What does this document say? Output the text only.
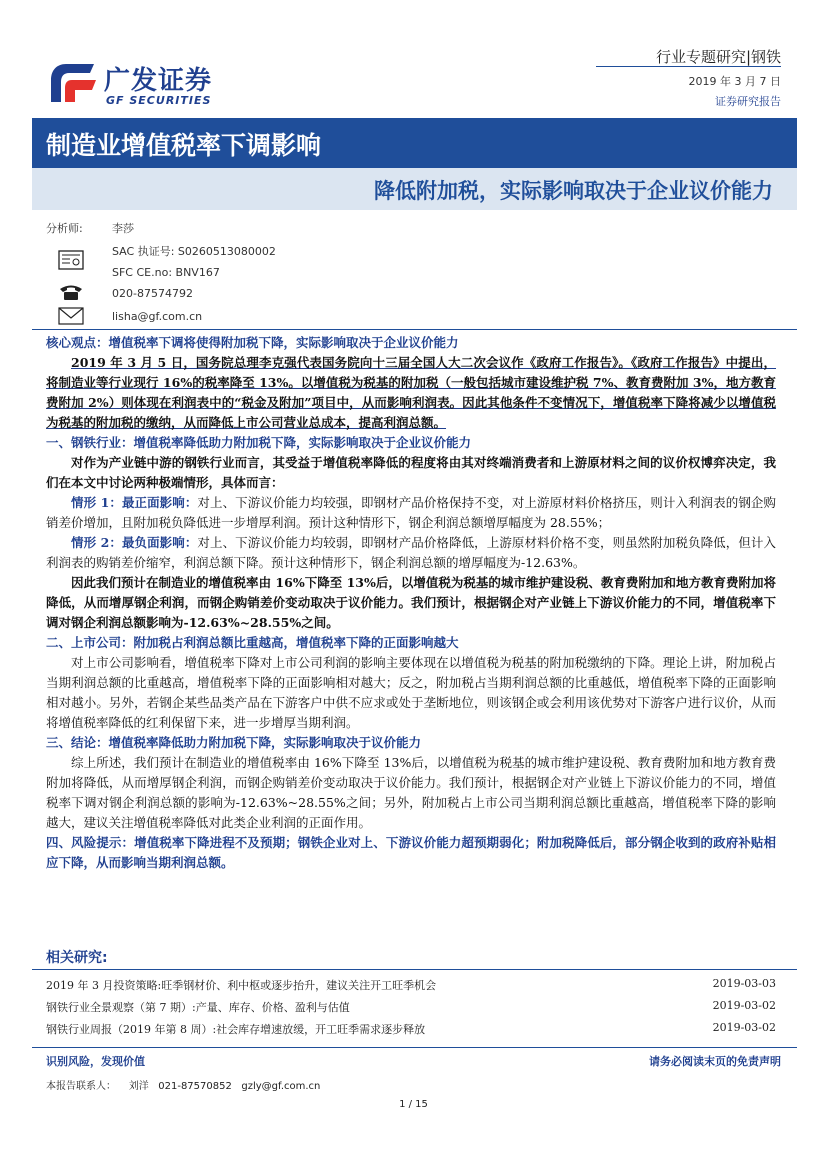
广发证券
GF SECURITIES
行业专题研究|钢铁
2019 年 3 月 7 日
证券研究报告
制造业增值税率下调影响
降低附加税，实际影响取决于企业议价能力
分析师:	李莎
SAC 执证号: S0260513080002
SFC CE.no: BNV167
020-87574792
lisha@gf.com.cn

核心观点：增值税率下调将使得附加税下降，实际影响取决于企业议价能力

2019 年 3 月 5 日，国务院总理李克强代表国务院向十三届全国人大二次会议作《政府工作报告》。《政府工作报告》中提出，将制造业等行业现行 16%的税率降至 13%。以增值税为税基的附加税（一般包括城市建设维护税 7%、教育费附加 3%，地方教育费附加 2%）则体现在利润表中的“税金及附加”项目中，从而影响利润表。因此其他条件不变情况下，增值税率下降将减少以增值税为税基的附加税的缴纳，从而降低上市公司营业总成本，提高利润总额。

一、钢铁行业：增值税率降低助力附加税下降，实际影响取决于企业议价能力

对作为产业链中游的钢铁行业而言，其受益于增值税率降低的程度将由其对终端消费者和上游原材料之间的议价权博弈决定，我们在本文中讨论两种极端情形，具体而言：

情形 1：最正面影响：对上、下游议价能力均较强，即钢材产品价格保持不变，对上游原材料价格挤压，则计入利润表的钢企购销差价增加，且附加税负降低进一步增厚利润。预计这种情形下，钢企利润总额增厚幅度为 28.55%；

情形 2：最负面影响：对上、下游议价能力均较弱，即钢材产品价格降低，上游原材料价格不变，则虽然附加税负降低，但计入利润表的购销差价缩窄，利润总额下降。预计这种情形下，钢企利润总额的增厚幅度为-12.63%。

因此我们预计在制造业的增值税率由 16%下降至 13%后，以增值税为税基的城市维护建设税、教育费附加和地方教育费附加将降低，从而增厚钢企利润，而钢企购销差价变动取决于议价能力。我们预计，根据钢企对产业链上下游议价能力的不同，增值税率下调对钢企利润总额影响为-12.63%~28.55%之间。

二、上市公司：附加税占利润总额比重越高，增值税率下降的正面影响越大

对上市公司影响看，增值税率下降对上市公司利润的影响主要体现在以增值税为税基的附加税缴纳的下降。理论上讲，附加税占当期利润总额的比重越高，增值税率下降的正面影响相对越大；反之，附加税占当期利润总额的比重越低，增值税率下降的正面影响相对越小。另外，若钢企某些品类产品在下游客户中供不应求或处于垄断地位，则该钢企或会利用该优势对下游客户进行议价，从而将增值税率降低的红利保留下来，进一步增厚当期利润。

三、结论：增值税率降低助力附加税下降，实际影响取决于议价能力

综上所述，我们预计在制造业的增值税率由 16%下降至 13%后，以增值税为税基的城市维护建设税、教育费附加和地方教育费附加将降低，从而增厚钢企利润，而钢企购销差价变动取决于议价能力。我们预计，根据钢企对产业链上下游议价能力的不同，增值税率下调对钢企利润总额的影响为-12.63%~28.55%之间；另外，附加税占上市公司当期利润总额比重越高，增值税率下降的影响越大，建议关注增值税率降低对此类企业利润的正面作用。

四、风险提示：增值税率下降进程不及预期；钢铁企业对上、下游议价能力超预期弱化；附加税降低后，部分钢企收到的政府补贴相应下降，从而影响当期利润总额。

相关研究:
2019 年 3 月投资策略:旺季钢材价、利中枢或逐步抬升，建议关注开工旺季机会	2019-03-03
钢铁行业全景观察（第 7 期）:产量、库存、价格、盈利与估值	2019-03-02
钢铁行业周报（2019 年第 8 周）:社会库存增速放缓，开工旺季需求逐步释放	2019-03-02
识别风险，发现价值	请务必阅读末页的免责声明
本报告联系人：    刘洋   021-87570852   gzly@gf.com.cn
1 / 15
